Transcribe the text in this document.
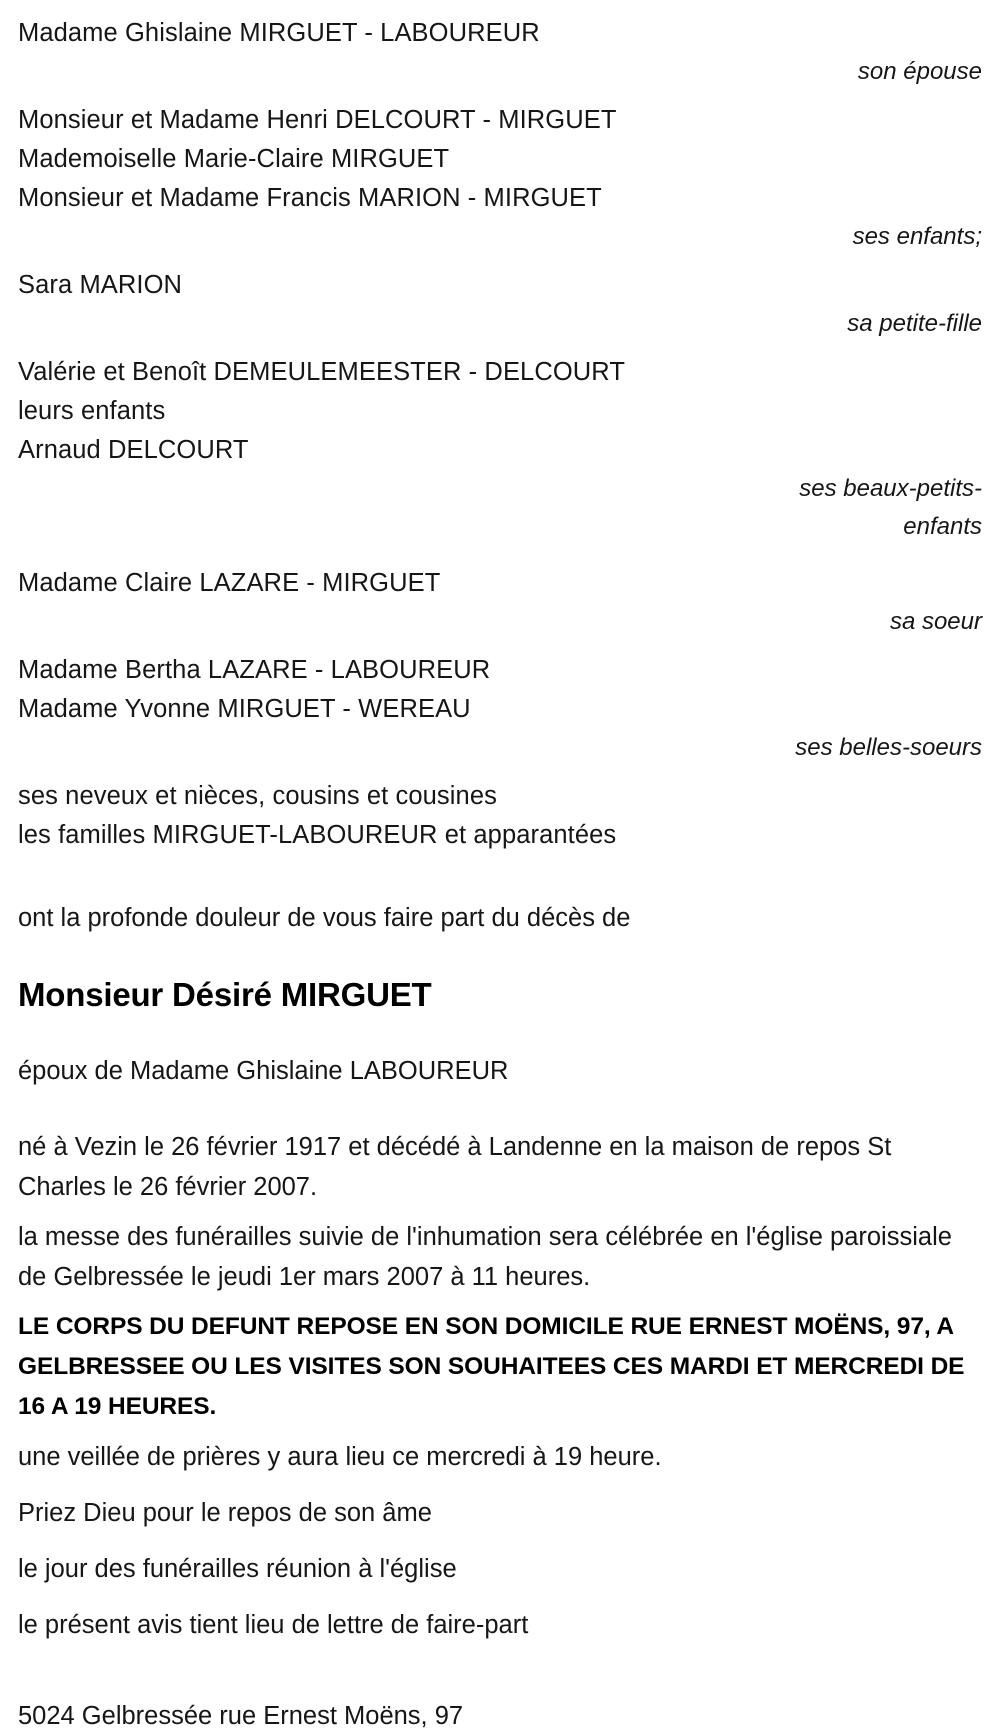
Madame Ghislaine MIRGUET - LABOUREUR
son épouse
Monsieur et Madame Henri DELCOURT - MIRGUET
Mademoiselle Marie-Claire MIRGUET
Monsieur et Madame Francis MARION - MIRGUET
ses enfants;
Sara MARION
sa petite-fille
Valérie et Benoît DEMEULEMEESTER - DELCOURT
leurs enfants
Arnaud DELCOURT
ses beaux-petits-
enfants
Madame Claire LAZARE - MIRGUET
sa soeur
Madame Bertha LAZARE - LABOUREUR
Madame Yvonne MIRGUET - WEREAU
ses belles-soeurs
ses neveux et nièces, cousins et cousines
les familles MIRGUET-LABOUREUR et apparantées
ont la profonde douleur de vous faire part du décès de
Monsieur Désiré MIRGUET
époux de Madame Ghislaine LABOUREUR
né à Vezin le 26 février 1917 et décédé à Landenne en la maison de repos St Charles le 26 février 2007.
la messe des funérailles suivie de l'inhumation sera célébrée en l'église paroissiale de Gelbressée le jeudi 1er mars 2007 à 11 heures.
LE CORPS DU DEFUNT REPOSE EN SON DOMICILE RUE ERNEST MOËNS, 97, A GELBRESSEE OU LES VISITES SON SOUHAITEES CES MARDI ET MERCREDI DE 16 A 19 HEURES.
une veillée de prières y aura lieu ce mercredi à 19 heure.
Priez Dieu pour le repos de son âme
le jour des funérailles réunion à l'église
le présent avis tient lieu de lettre de faire-part
5024 Gelbressée rue Ernest Moëns, 97
